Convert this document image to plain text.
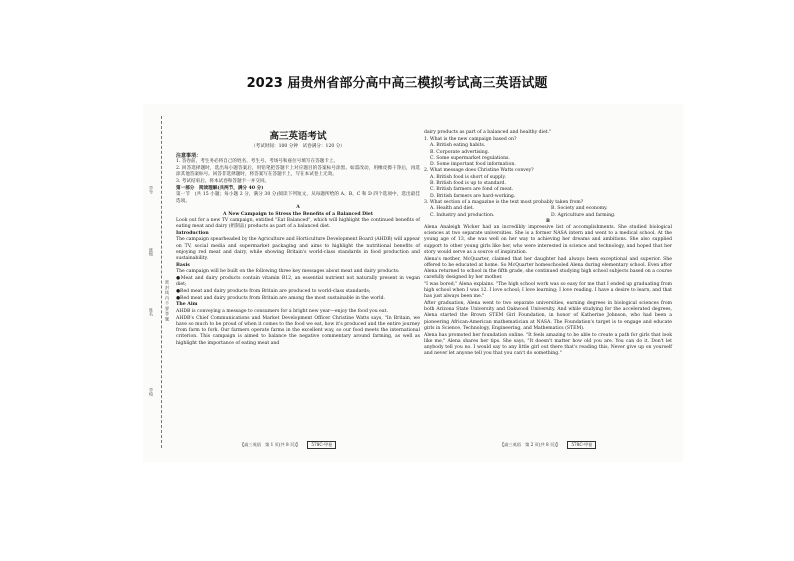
2023 届贵州省部分高中高三模拟考试高三英语试题
学号
班级
密 封 线 内 不 要 答 题
姓名
学校
高三英语考试
（考试时间：100 分钟　试卷满分：120 分）
注意事项：

1. 答卷前，考生务必将自己的姓名、考生号、考场号和座位号填写在答题卡上。

2. 回答选择题时，选出每小题答案后，用铅笔把答题卡上对应题目的答案标号涂黑。如需改动，用橡皮擦干净后，再选涂其他答案标号。回答非选择题时，将答案写在答题卡上，写在本试卷上无效。

3. 考试结束后，将本试卷和答题卡一并交回。

第一部分　阅读理解(共两节，满分 40 分)

第一节　(共 15 小题；每小题 2 分，满分 30 分)阅读下列短文，从每题所给的 A、B、C 和 D 四个选项中，选出最佳选项。

A
A New Campaign to Stress the Benefits of a Balanced Diet

Look out for a new TV campaign, entitled "Eat Balanced", which will highlight the continued benefits of eating meat and dairy (奶制品) products as part of a balanced diet.

Introduction

The campaign spearheaded by the Agriculture and Horticulture Development Board (AHDB) will appear on TV, social media and supermarket packaging and aims to highlight the nutritional benefits of enjoying red meat and dairy, while showing Britain's world-class standards in food production and sustainability.

Basis

The campaign will be built on the following three key messages about meat and dairy products:

●Meat and dairy products contain vitamin B12, an essential nutrient not naturally present in vegan diet;

●Red meat and dairy products from Britain are produced to world-class standards;

●Red meat and dairy products from Britain are among the most sustainable in the world.

The Aim

AHDB is conveying a message to consumers for a bright new year—enjoy the food you eat.

AHDB's Chief Communications and Market Development Officer Christine Watts says, "In Britain, we have so much to be proud of when it comes to the food we eat, how it's produced and the entire journey from farm to fork. Our farmers operate farms in the excellent way, so our food meets the international criterion. This campaign is aimed to balance the negative commentary around farming, as well as highlight the importance of eating meat and

dairy products as part of a balanced and healthy diet."

1. What is the new campaign based on?

A. British eating habits.
B. Corporate advertising.
C. Some supermarket regulations.
D. Some important food information.

2. What message does Christine Watts convey?

A. British food is short of supply.
B. British food is up to standard.
C. British farmers are fond of meat.
D. British farmers are hard-working.

3. What section of a magazine is the text most probably taken from?

A. Health and diet.	B. Society and economy.
C. Industry and production.	D. Agriculture and farming.
B

Alena Analeigh Wicker had an incredibly impressive list of accomplishments. She studied biological sciences at two separate universities. She is a former NASA intern and went to a medical school. At the young age of 13, she was well on her way to achieving her dreams and ambitions. She also supplied support to other young girls like her, who were interested in science and technology, and hoped that her story would serve as a source of inspiration.

Alena's mother, McQuarter, claimed that her daughter had always been exceptional and superior. She offered to be educated at home. So McQuarter homeschooled Alena during elementary school. Even after Alena returned to school in the fifth grade, she continued studying high school subjects based on a course carefully designed by her mother.

"I was bored," Alena explains. "The high school work was so easy for me that I ended up graduating from high school when I was 12. I love school; I love learning; I love reading. I have a desire to learn, and that has just always been me."

After graduation, Alena went to two separate universities, earning degrees in biological sciences from both Arizona State University and Oakwood University. And while studying for the accelerated degrees, Alena started the Brown STEM Girl Foundation, in honor of Katherine Johnson, who had been a pioneering African-American mathematician at NASA. The Foundation's target is to engage and educate girls in Science, Technology, Engineering, and Mathematics (STEM).

Alena has promoted her foundation online. "It feels amazing to be able to create a path for girls that look like me," Alena shares her tips. She says, "It doesn't matter how old you are. You can do it. Don't let anybody tell you no. I would say to any little girl out there that's reading this, Never give up on yourself and never let anyone tell you that you can't do something."

【高三英语　第 1 页(共 8 页)】	578C-甲卷	【高三英语　第 2 页(共 8 页)】	578C-甲卷
